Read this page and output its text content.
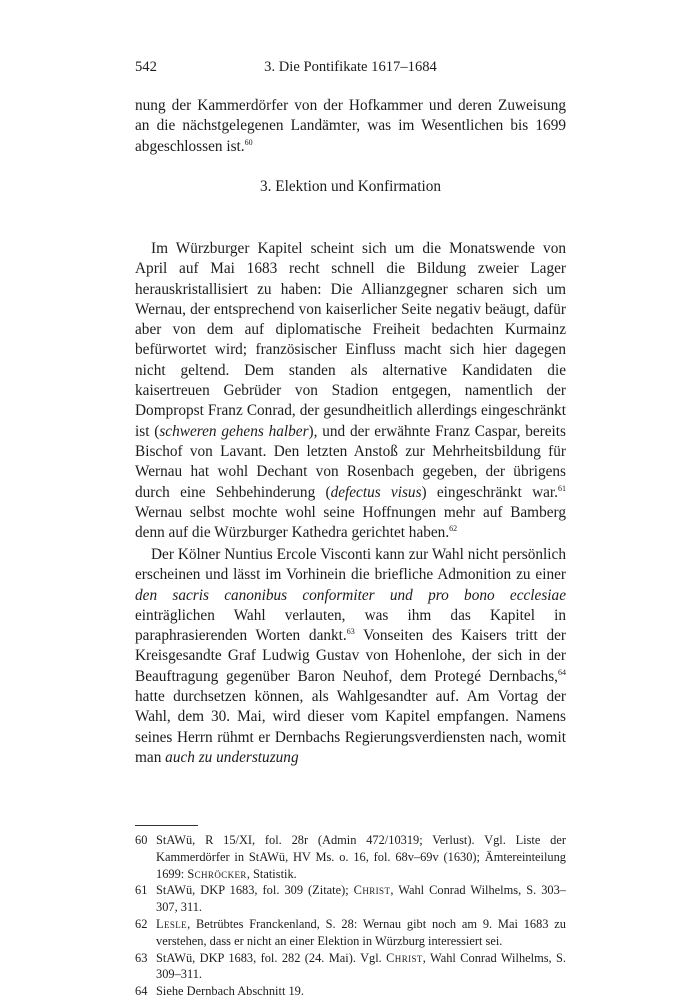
542	3. Die Pontifikate 1617–1684

nung der Kammerdörfer von der Hofkammer und deren Zuweisung an die nächstgelegenen Landämter, was im Wesentlichen bis 1699 abgeschlossen ist.$^{60}$

3. Elektion und Konfirmation

Im Würzburger Kapitel scheint sich um die Monatswende von April auf Mai 1683 recht schnell die Bildung zweier Lager herauskristallisiert zu haben: Die Allianzgegner scharen sich um Wernau, der entsprechend von kaiserlicher Seite negativ beäugt, dafür aber von dem auf diplomatische Freiheit bedachten Kurmainz befürwortet wird; französischer Einfluss macht sich hier dagegen nicht geltend. Dem standen als alternative Kandidaten die kaisertreuen Gebrüder von Stadion entgegen, namentlich der Dompropst Franz Conrad, der gesundheitlich allerdings eingeschränkt ist (schweren gehens halber), und der erwähnte Franz Caspar, bereits Bischof von Lavant. Den letzten Anstoß zur Mehrheitsbildung für Wernau hat wohl Dechant von Rosenbach gegeben, der übrigens durch eine Sehbehinderung (defectus visus) eingeschränkt war.$^{61}$ Wernau selbst mochte wohl seine Hoffnungen mehr auf Bamberg denn auf die Würzburger Kathedra gerichtet haben.$^{62}$

Der Kölner Nuntius Ercole Visconti kann zur Wahl nicht persönlich erscheinen und lässt im Vorhinein die briefliche Admonition zu einer den sacris canonibus conformiter und pro bono ecclesiae einträglichen Wahl verlauten, was ihm das Kapitel in paraphrasierenden Worten dankt.$^{63}$ Vonseiten des Kaisers tritt der Kreisgesandte Graf Ludwig Gustav von Hohenlohe, der sich in der Beauftragung gegenüber Baron Neuhof, dem Protegé Dernbachs,$^{64}$ hatte durchsetzen können, als Wahlgesandter auf. Am Vortag der Wahl, dem 30. Mai, wird dieser vom Kapitel empfangen. Namens seines Herrn rühmt er Dernbachs Regierungsverdiensten nach, womit man auch zu understuzung

60 StAWü, R 15/XI, fol. 28r (Admin 472/10319; Verlust). Vgl. Liste der Kammerdörfer in StAWü, HV Ms. o. 16, fol. 68v–69v (1630); Ämtereinteilung 1699: Schröcker, Statistik.
61 StAWü, DKP 1683, fol. 309 (Zitate); Christ, Wahl Conrad Wilhelms, S. 303–307, 311.
62 Lesle, Betrübtes Franckenland, S. 28: Wernau gibt noch am 9. Mai 1683 zu verstehen, dass er nicht an einer Elektion in Würzburg interessiert sei.
63 StAWü, DKP 1683, fol. 282 (24. Mai). Vgl. Christ, Wahl Conrad Wilhelms, S. 309–311.
64 Siehe Dernbach Abschnitt 19.
